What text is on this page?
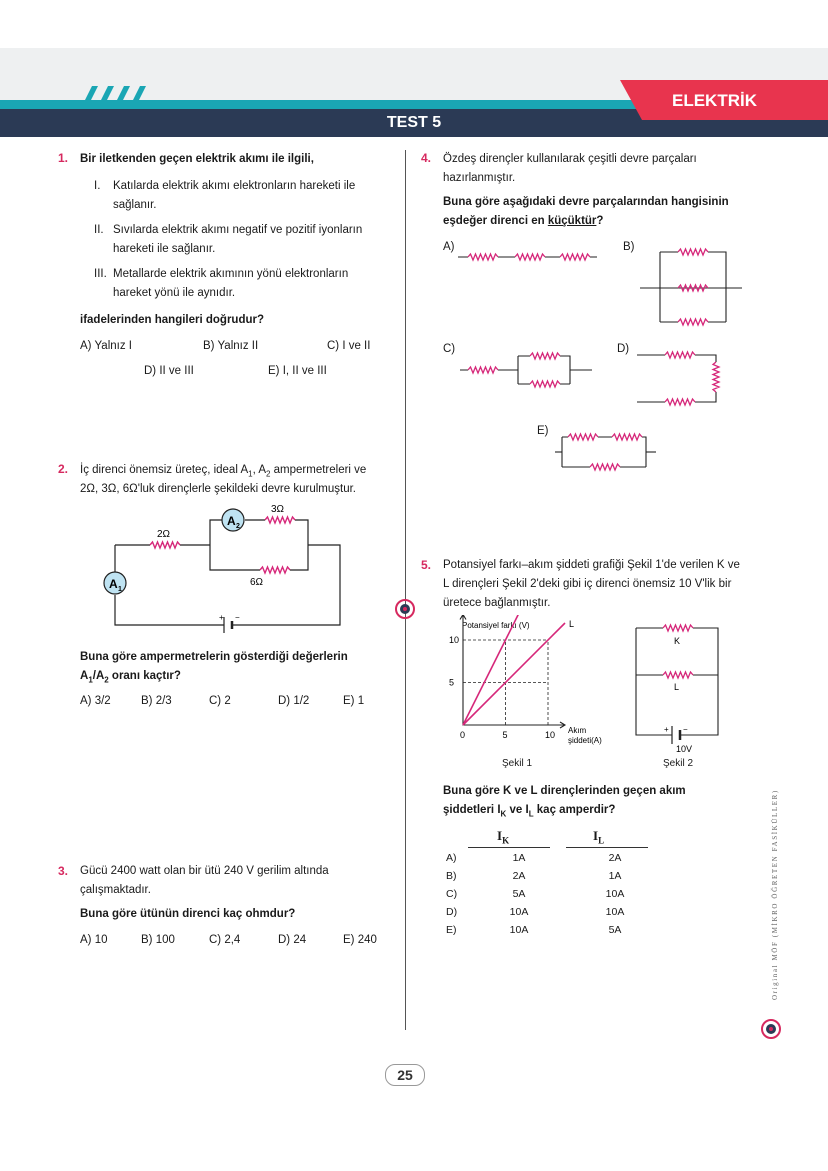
ELEKTRİK
TEST 5
1. Bir iletkenden geçen elektrik akımı ile ilgili,
I. Katılarda elektrik akımı elektronların hareketi ile
sağlanır.
II. Sıvılarda elektrik akımı negatif ve pozitif iyonların
hareketi ile sağlanır.
III. Metallarde elektrik akımının yönü elektronların
hareket yönü ile aynıdır.
ifadelerinden hangileri doğrudur?
A) Yalnız I	B) Yalnız II	C) I ve II
D) II ve III	E) I, II ve III
2. İç direnci önemsiz üreteç, ideal $A_1$, $A_2$ ampermetreleri ve
2Ω, 3Ω, 6Ω'luk dirençlerle şekildeki devre kurulmuştur.
A 1
A 2
2Ω
3Ω
6Ω
+ −
Buna göre ampermetrelerin gösterdiği değerlerin
$A_1/A_2$ oranı kaçtır?
A) 3/2	B) 2/3	C) 2	D) 1/2	E) 1
3. Gücü 2400 watt olan bir ütü 240 V gerilim altında
çalışmaktadır.
Buna göre ütünün direnci kaç ohmdur?
A) 10	B) 100	C) 2,4	D) 24	E) 240
4. Özdeş dirençler kullanılarak çeşitli devre parçaları
hazırlanmıştır.
Buna göre aşağıdaki devre parçalarından hangisinin
eşdeğer direnci en küçüktür?
A)	B)
C)	D)
E)
5. Potansiyel farkı–akım şiddeti grafiği Şekil 1'de verilen K ve
L dirençleri Şekil 2'deki gibi iç direnci önemsiz 10 V'lik bir
üretece bağlanmıştır.
Potansiyel farkı (V)	L
0	5	10
5
10
Akım
şiddeti(A)
Şekil 1
K
L
+ −
10V
Şekil 2
Buna göre K ve L dirençlerinden geçen akım
şiddetleri $I_K$ ve $I_L$ kaç amperdir?
$I_K$	$I_L$
A)	1A		2A
B)	2A		1A
C)	5A		10A
D)	10A		10A
E)	10A		5A	Original MÖF (MİKRO ÖĞRETEN FASİKÜLLER)
25
